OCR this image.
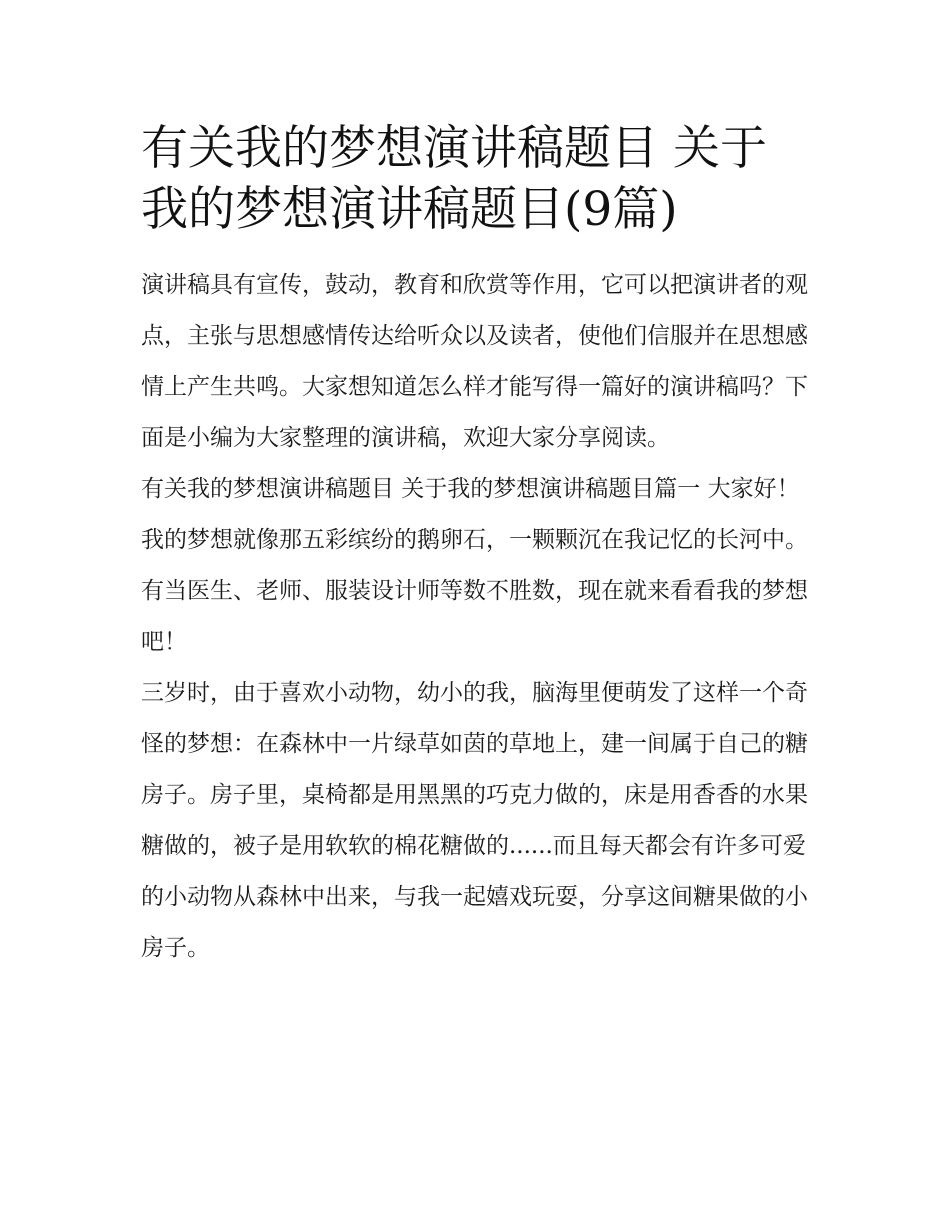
有关我的梦想演讲稿题目 关于我的梦想演讲稿题目(9篇)

演讲稿具有宣传，鼓动，教育和欣赏等作用，它可以把演讲者的观点，主张与思想感情传达给听众以及读者，使他们信服并在思想感情上产生共鸣。大家想知道怎么样才能写得一篇好的演讲稿吗？下面是小编为大家整理的演讲稿，欢迎大家分享阅读。

有关我的梦想演讲稿题目 关于我的梦想演讲稿题目篇一 大家好！

我的梦想就像那五彩缤纷的鹅卵石，一颗颗沉在我记忆的长河中。有当医生、老师、服装设计师等数不胜数，现在就来看看我的梦想吧！

三岁时，由于喜欢小动物，幼小的我，脑海里便萌发了这样一个奇怪的梦想：在森林中一片绿草如茵的草地上，建一间属于自己的糖房子。房子里，桌椅都是用黑黑的巧克力做的，床是用香香的水果糖做的，被子是用软软的棉花糖做的......而且每天都会有许多可爱的小动物从森林中出来，与我一起嬉戏玩耍，分享这间糖果做的小房子。
